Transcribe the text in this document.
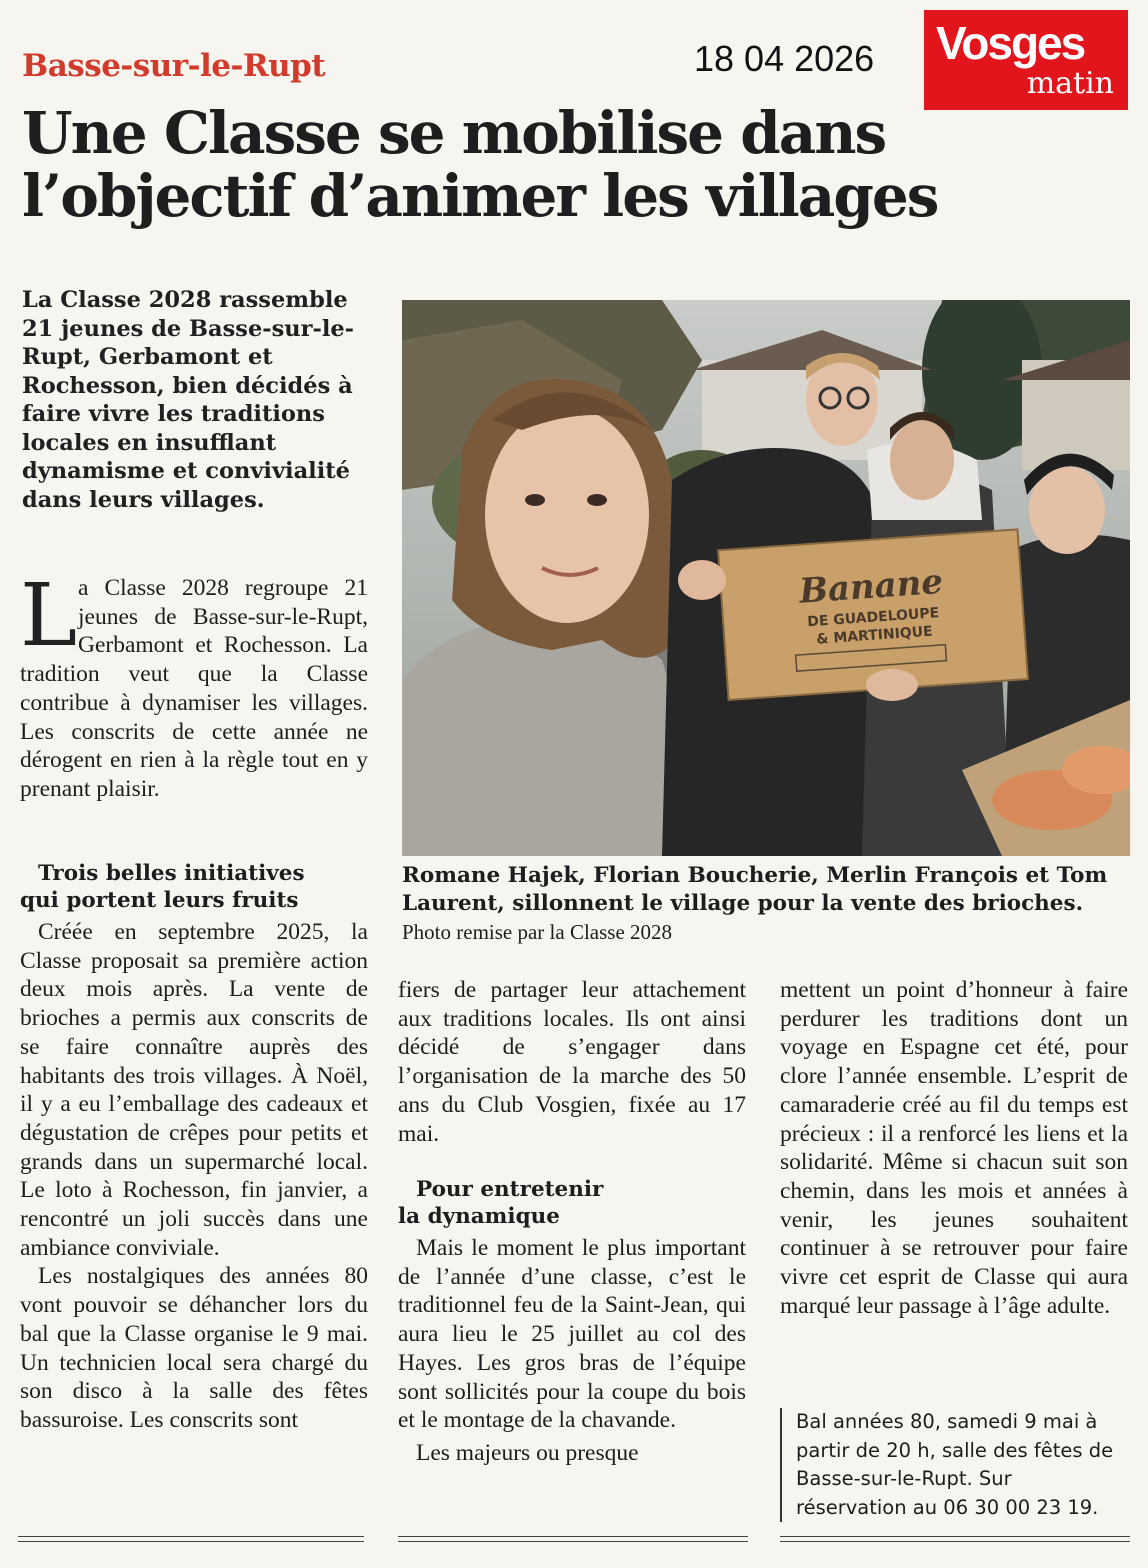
Basse-sur-le-Rupt	18 04 2026 Vosges
matin
Une Classe se mobilise dans
l’objectif d’animer les villages
La Classe 2028 rassemble 21 jeunes de Basse-sur-le-Rupt, Gerbamont et Rochesson, bien décidés à faire vivre les traditions locales en insufflant dynamisme et convivialité dans leurs villages.
L a Classe 2028 regroupe 21 jeunes de Basse-sur-le-Rupt, Gerbamont et Rochesson. La tradition veut que la Classe contribue à dynamiser les villages. Les conscrits de cette année ne dérogent en rien à la règle tout en y prenant plaisir.
Trois belles initiatives
qui portent leurs fruits

Créée en septembre 2025, la Classe proposait sa première action deux mois après. La vente de brioches a permis aux conscrits de se faire connaître auprès des habitants des trois villages. À Noël, il y a eu l’emballage des cadeaux et dégustation de crêpes pour petits et grands dans un supermarché local. Le loto à Rochesson, fin janvier, a rencontré un joli succès dans une ambiance conviviale.

Les nostalgiques des années 80 vont pouvoir se déhancher lors du bal que la Classe organise le 9 mai. Un technicien local sera chargé du son disco à la salle des fêtes bassuroise. Les conscrits sont

Banane
DE GUADELOUPE
& MARTINIQUE
Romane Hajek, Florian Boucherie, Merlin François et Tom Laurent, sillonnent le village pour la vente des brioches. Photo remise par la Classe 2028

fiers de partager leur attachement aux traditions locales. Ils ont ainsi décidé de s’engager dans l’organisation de la marche des 50 ans du Club Vosgien, fixée au 17 mai.

Pour entretenir
la dynamique

Mais le moment le plus important de l’année d’une classe, c’est le traditionnel feu de la Saint-Jean, qui aura lieu le 25 juillet au col des Hayes. Les gros bras de l’équipe sont sollicités pour la coupe du bois et le montage de la chavande.

Les majeurs ou presque

mettent un point d’honneur à faire perdurer les traditions dont un voyage en Espagne cet été, pour clore l’année ensemble. L’esprit de camaraderie créé au fil du temps est précieux : il a renforcé les liens et la solidarité. Même si chacun suit son chemin, dans les mois et années à venir, les jeunes souhaitent continuer à se retrouver pour faire vivre cet esprit de Classe qui aura marqué leur passage à l’âge adulte.

Bal années 80, samedi 9 mai à partir de 20 h, salle des fêtes de Basse-sur-le-Rupt. Sur réservation au 06 30 00 23 19.
